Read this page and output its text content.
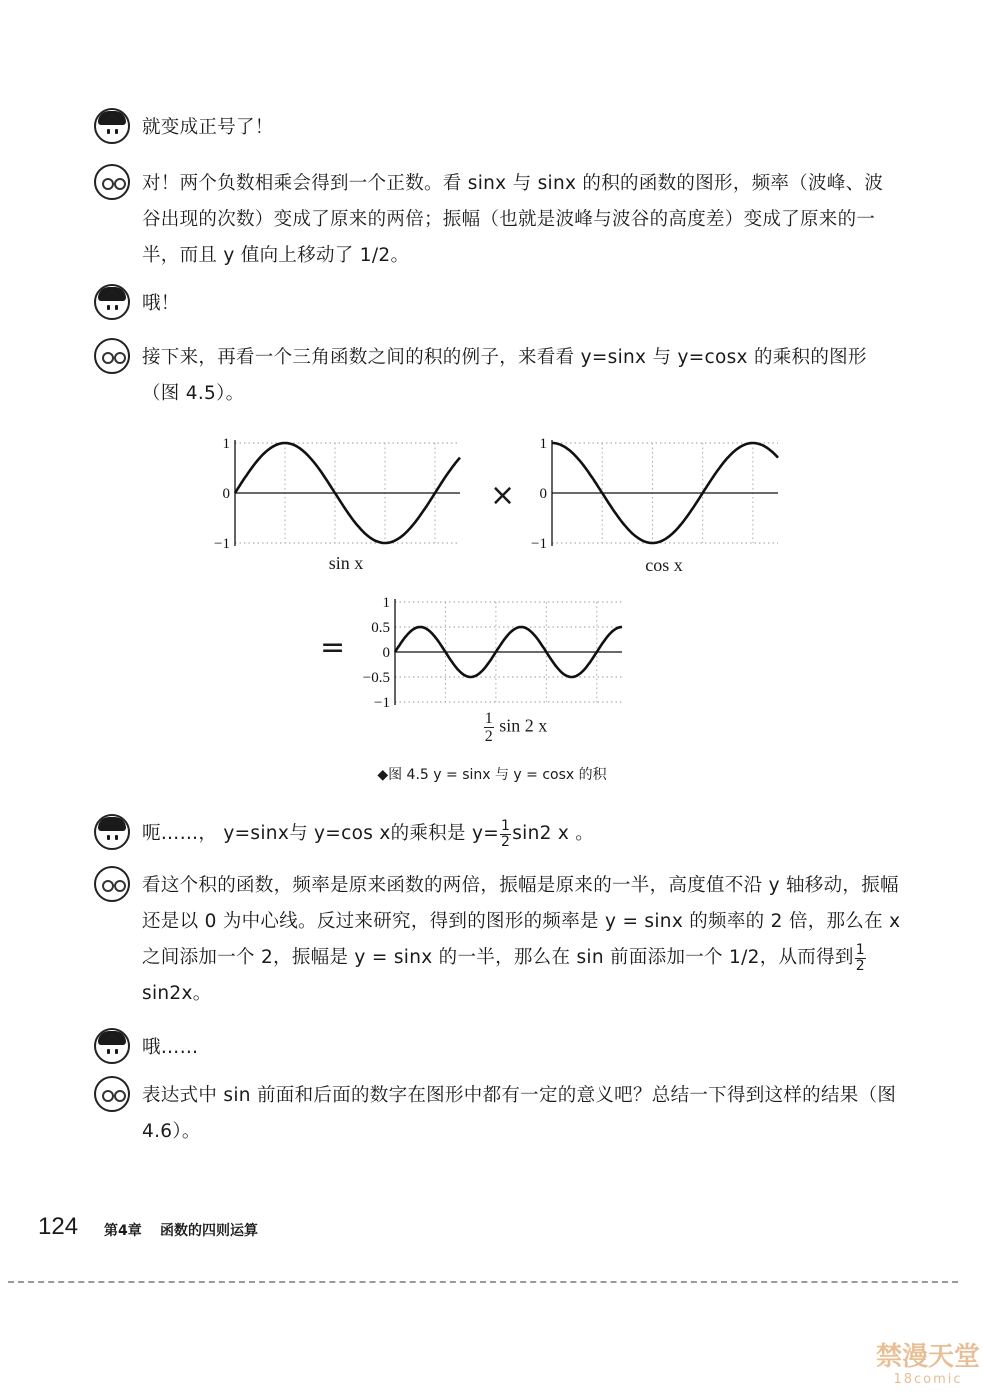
就变成正号了！
对！两个负数相乘会得到一个正数。看 sinx 与 sinx 的积的函数的图形，频率（波峰、波谷出现的次数）变成了原来的两倍；振幅（也就是波峰与波谷的高度差）变成了原来的一半，而且 y 值向上移动了 1/2。
哦！
接下来，再看一个三角函数之间的积的例子，来看看 y=sinx 与 y=cosx 的乘积的图形（图 4.5）。
1
0
−1
1
0
−1
1
0.5
0
−0.5
−1
sin x	cos x
$\frac{1}{2}$ sin 2 x
×
=
◆图 4.5 y = sinx 与 y = cosx 的积
呃……， y=sinx与 y=cos x的乘积是 $y= \frac{1}{2} \sin 2$ x 。
看这个积的函数，频率是原来函数的两倍，振幅是原来的一半，高度值不沿 y 轴移动，振幅还是以 0 为中心线。反过来研究，得到的图形的频率是 y = sinx 的频率的 2 倍，那么在 x 之间添加一个 2，振幅是 y = sinx 的一半，那么在 sin 前面添加一个 1/2，从而得到 $\frac{1}{2}$
sin2x。
哦……
表达式中 sin 前面和后面的数字在图形中都有一定的意义吧？总结一下得到这样的结果（图 4.6）。
124 第4章 函数的四则运算
禁漫天堂
18comic
